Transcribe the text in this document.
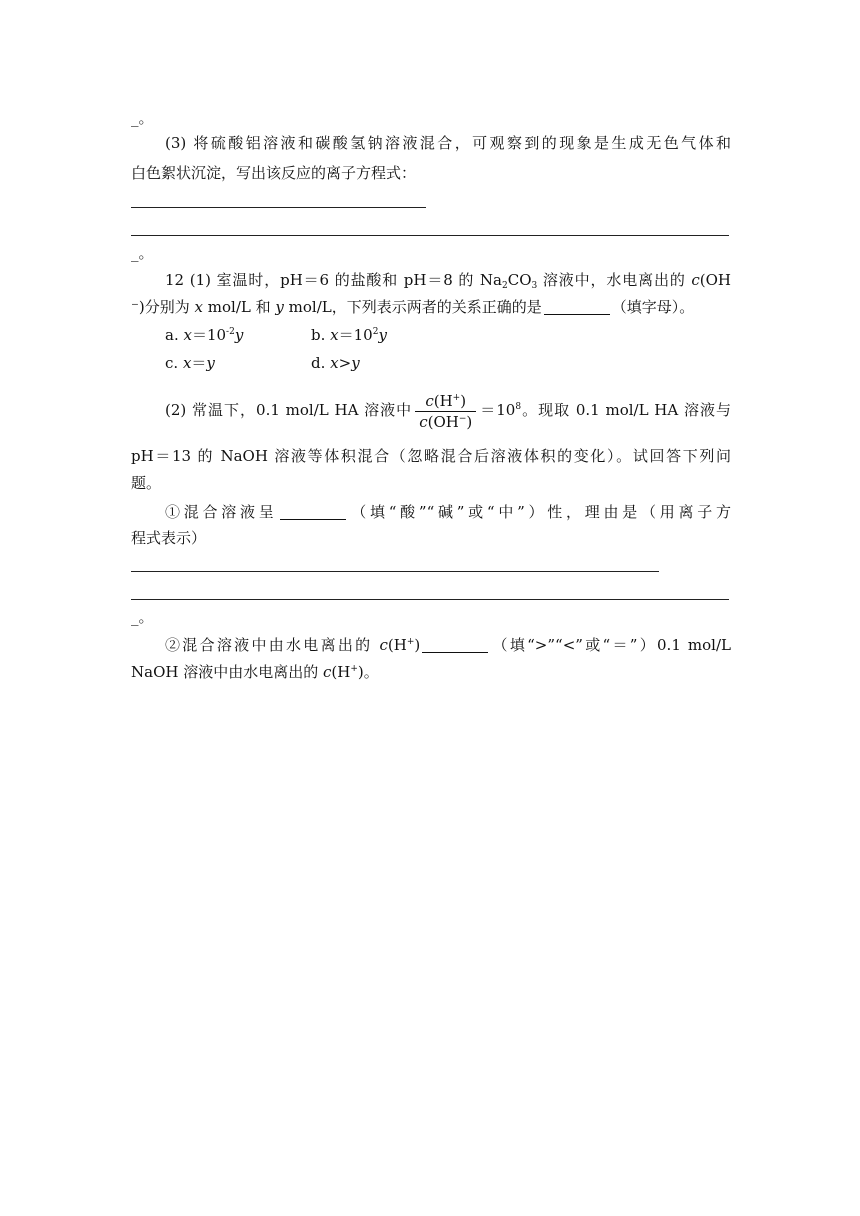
_。
(3) 将硫酸铝溶液和碳酸氢钠溶液混合，可观察到的现象是生成无色气体和
白色絮状沉淀，写出该反应的离子方程式：
_。
12 (1) 室温时，pH＝6 的盐酸和 pH＝8 的 $Na_2CO_3$ 溶液中，水电离出的 c(OH
⁻)分别为 x mol/L 和 y mol/L，下列表示两者的关系正确的是	（填字母）。
a. $x=10^{-2}y$	b. $x=10^2y$
c. x＝y	d. x>y
(2) 常温下，0.1 mol/L HA 溶液中 $\frac{c(H^+)}{c(OH^-)} =10^8$。现取 0.1 mol/L HA 溶液与
pH＝13 的 NaOH 溶液等体积混合（忽略混合后溶液体积的变化）。试回答下列问
题。
①混合溶液呈	（填“酸”“碱”或“中”）性，理由是（用离子方
程式表示）
_。
②混合溶液中由水电离出的 c(H+)	（填“>”“<”或“＝”）0.1 mol/L
NaOH 溶液中由水电离出的 c(H+)。
